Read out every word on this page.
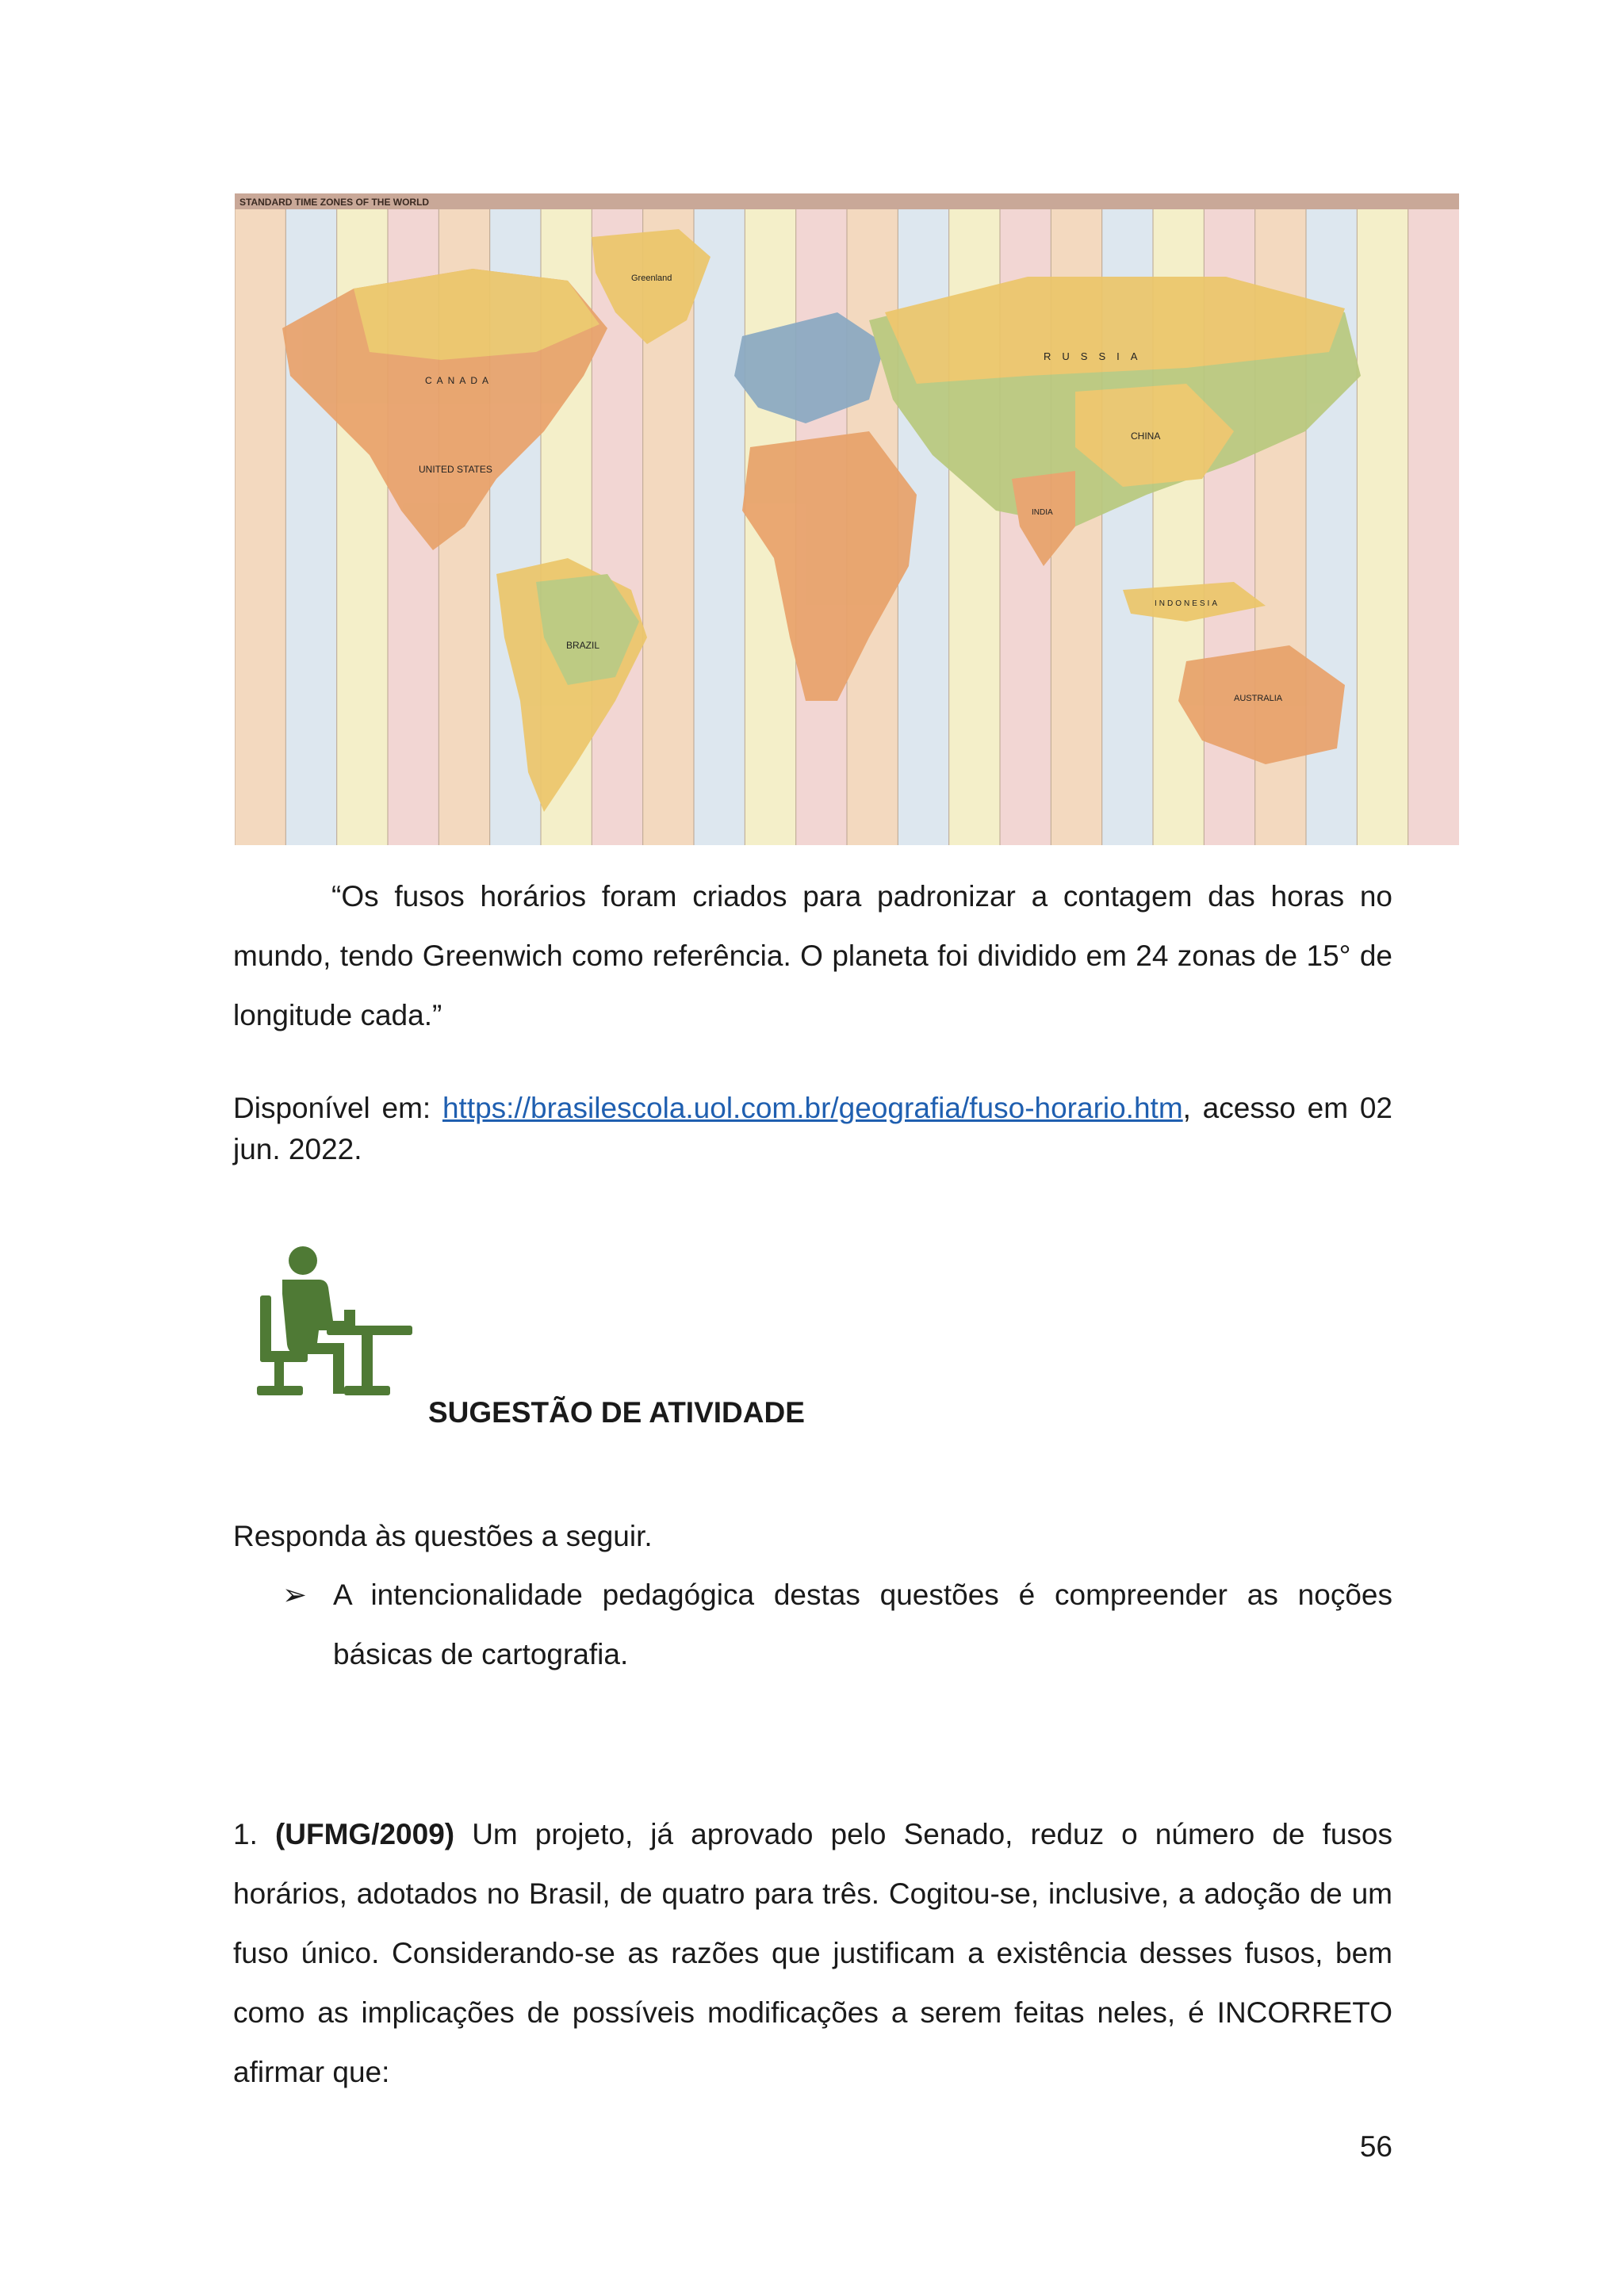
STANDARD TIME ZONES OF THE WORLD
CANADA
UNITED STATES
Greenland
BRAZIL
RUSSIA
CHINA
INDIA
AUSTRALIA
INDONESIA
“Os fusos horários foram criados para padronizar a contagem das horas no mundo, tendo Greenwich como referência. O planeta foi dividido em 24 zonas de 15° de longitude cada.”
Disponível em: https://brasilescola.uol.com.br/geografia/fuso-horario.htm, acesso em 02 jun. 2022.
SUGESTÃO DE ATIVIDADE
Responda às questões a seguir.
➢ A intencionalidade pedagógica destas questões é compreender as noções básicas de cartografia.
1. (UFMG/2009) Um projeto, já aprovado pelo Senado, reduz o número de fusos horários, adotados no Brasil, de quatro para três. Cogitou-se, inclusive, a adoção de um fuso único. Considerando-se as razões que justificam a existência desses fusos, bem como as implicações de possíveis modificações a serem feitas neles, é INCORRETO afirmar que:
56
